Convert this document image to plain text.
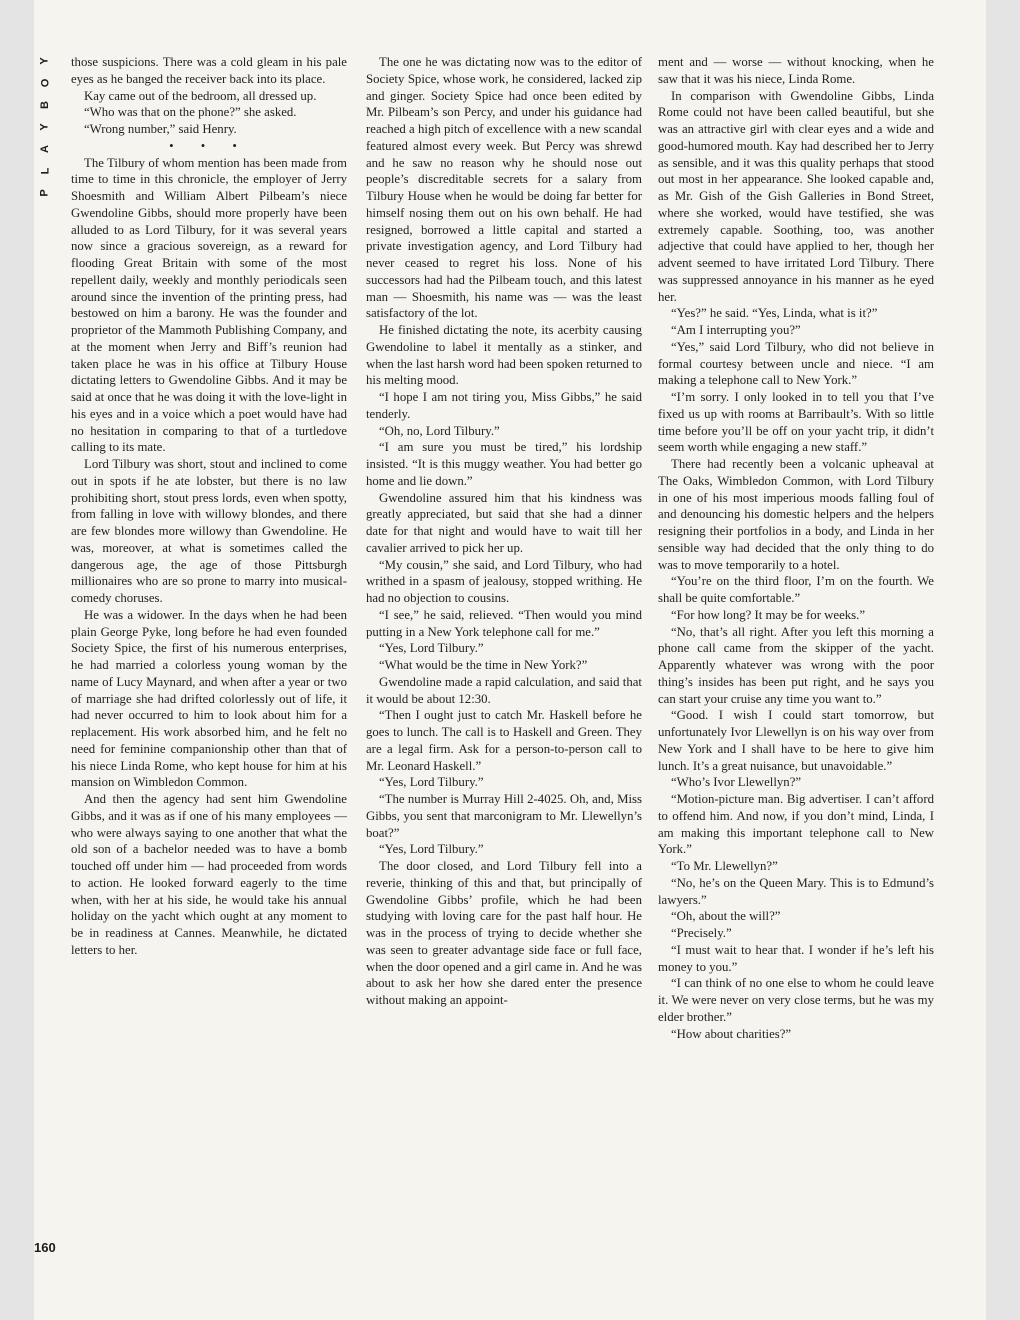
Y
O
B
Y
A
L
P

those suspicions. There was a cold gleam in his pale eyes as he banged the receiver back into its place.

Kay came out of the bedroom, all dressed up.

“Who was that on the phone?” she asked.

“Wrong number,” said Henry.

• • •

The Tilbury of whom mention has been made from time to time in this chronicle, the employer of Jerry Shoesmith and William Albert Pilbeam’s niece Gwendoline Gibbs, should more properly have been alluded to as Lord Tilbury, for it was several years now since a gracious sovereign, as a reward for flooding Great Britain with some of the most repellent daily, weekly and monthly periodicals seen around since the invention of the printing press, had bestowed on him a barony. He was the founder and proprietor of the Mammoth Publishing Company, and at the moment when Jerry and Biff’s reunion had taken place he was in his office at Tilbury House dictating letters to Gwendoline Gibbs. And it may be said at once that he was doing it with the love-light in his eyes and in a voice which a poet would have had no hesitation in comparing to that of a turtledove calling to its mate.

Lord Tilbury was short, stout and inclined to come out in spots if he ate lobster, but there is no law prohibiting short, stout press lords, even when spotty, from falling in love with willowy blondes, and there are few blondes more willowy than Gwendoline. He was, moreover, at what is sometimes called the dangerous age, the age of those Pittsburgh millionaires who are so prone to marry into musical-comedy choruses.

He was a widower. In the days when he had been plain George Pyke, long before he had even founded Society Spice, the first of his numerous enterprises, he had married a colorless young woman by the name of Lucy Maynard, and when after a year or two of marriage she had drifted colorlessly out of life, it had never occurred to him to look about him for a replacement. His work absorbed him, and he felt no need for feminine companionship other than that of his niece Linda Rome, who kept house for him at his mansion on Wimbledon Common.

And then the agency had sent him Gwendoline Gibbs, and it was as if one of his many employees — who were always saying to one another that what the old son of a bachelor needed was to have a bomb touched off under him — had proceeded from words to action. He looked forward eagerly to the time when, with her at his side, he would take his annual holiday on the yacht which ought at any moment to be in readiness at Cannes. Meanwhile, he dictated letters to her.

The one he was dictating now was to the editor of Society Spice, whose work, he considered, lacked zip and ginger. Society Spice had once been edited by Mr. Pilbeam’s son Percy, and under his guidance had reached a high pitch of excellence with a new scandal featured almost every week. But Percy was shrewd and he saw no reason why he should nose out people’s discreditable secrets for a salary from Tilbury House when he would be doing far better for himself nosing them out on his own behalf. He had resigned, borrowed a little capital and started a private investigation agency, and Lord Tilbury had never ceased to regret his loss. None of his successors had had the Pilbeam touch, and this latest man — Shoesmith, his name was — was the least satisfactory of the lot.

He finished dictating the note, its acerbity causing Gwendoline to label it mentally as a stinker, and when the last harsh word had been spoken returned to his melting mood.

“I hope I am not tiring you, Miss Gibbs,” he said tenderly.

“Oh, no, Lord Tilbury.”

“I am sure you must be tired,” his lordship insisted. “It is this muggy weather. You had better go home and lie down.”

Gwendoline assured him that his kindness was greatly appreciated, but said that she had a dinner date for that night and would have to wait till her cavalier arrived to pick her up.

“My cousin,” she said, and Lord Tilbury, who had writhed in a spasm of jealousy, stopped writhing. He had no objection to cousins.

“I see,” he said, relieved. “Then would you mind putting in a New York telephone call for me.”

“Yes, Lord Tilbury.”

“What would be the time in New York?”

Gwendoline made a rapid calculation, and said that it would be about 12:30.

“Then I ought just to catch Mr. Haskell before he goes to lunch. The call is to Haskell and Green. They are a legal firm. Ask for a person-to-person call to Mr. Leonard Haskell.”

“Yes, Lord Tilbury.”

“The number is Murray Hill 2-4025. Oh, and, Miss Gibbs, you sent that marconigram to Mr. Llewellyn’s boat?”

“Yes, Lord Tilbury.”

The door closed, and Lord Tilbury fell into a reverie, thinking of this and that, but principally of Gwendoline Gibbs’ profile, which he had been studying with loving care for the past half hour. He was in the process of trying to decide whether she was seen to greater advantage side face or full face, when the door opened and a girl came in. And he was about to ask her how she dared enter the presence without making an appoint-

ment and — worse — without knocking, when he saw that it was his niece, Linda Rome.

In comparison with Gwendoline Gibbs, Linda Rome could not have been called beautiful, but she was an attractive girl with clear eyes and a wide and good-humored mouth. Kay had described her to Jerry as sensible, and it was this quality perhaps that stood out most in her appearance. She looked capable and, as Mr. Gish of the Gish Galleries in Bond Street, where she worked, would have testified, she was extremely capable. Soothing, too, was another adjective that could have applied to her, though her advent seemed to have irritated Lord Tilbury. There was suppressed annoyance in his manner as he eyed her.

“Yes?” he said. “Yes, Linda, what is it?”

“Am I interrupting you?”

“Yes,” said Lord Tilbury, who did not believe in formal courtesy between uncle and niece. “I am making a telephone call to New York.”

“I’m sorry. I only looked in to tell you that I’ve fixed us up with rooms at Barribault’s. With so little time before you’ll be off on your yacht trip, it didn’t seem worth while engaging a new staff.”

There had recently been a volcanic upheaval at The Oaks, Wimbledon Common, with Lord Tilbury in one of his most imperious moods falling foul of and denouncing his domestic helpers and the helpers resigning their portfolios in a body, and Linda in her sensible way had decided that the only thing to do was to move temporarily to a hotel.

“You’re on the third floor, I’m on the fourth. We shall be quite comfortable.”

“For how long? It may be for weeks.”

“No, that’s all right. After you left this morning a phone call came from the skipper of the yacht. Apparently whatever was wrong with the poor thing’s insides has been put right, and he says you can start your cruise any time you want to.”

“Good. I wish I could start tomorrow, but unfortunately Ivor Llewellyn is on his way over from New York and I shall have to be here to give him lunch. It’s a great nuisance, but unavoidable.”

“Who’s Ivor Llewellyn?”

“Motion-picture man. Big advertiser. I can’t afford to offend him. And now, if you don’t mind, Linda, I am making this important telephone call to New York.”

“To Mr. Llewellyn?”

“No, he’s on the Queen Mary. This is to Edmund’s lawyers.”

“Oh, about the will?”

“Precisely.”

“I must wait to hear that. I wonder if he’s left his money to you.”

“I can think of no one else to whom he could leave it. We were never on very close terms, but he was my elder brother.”

“How about charities?”

160
